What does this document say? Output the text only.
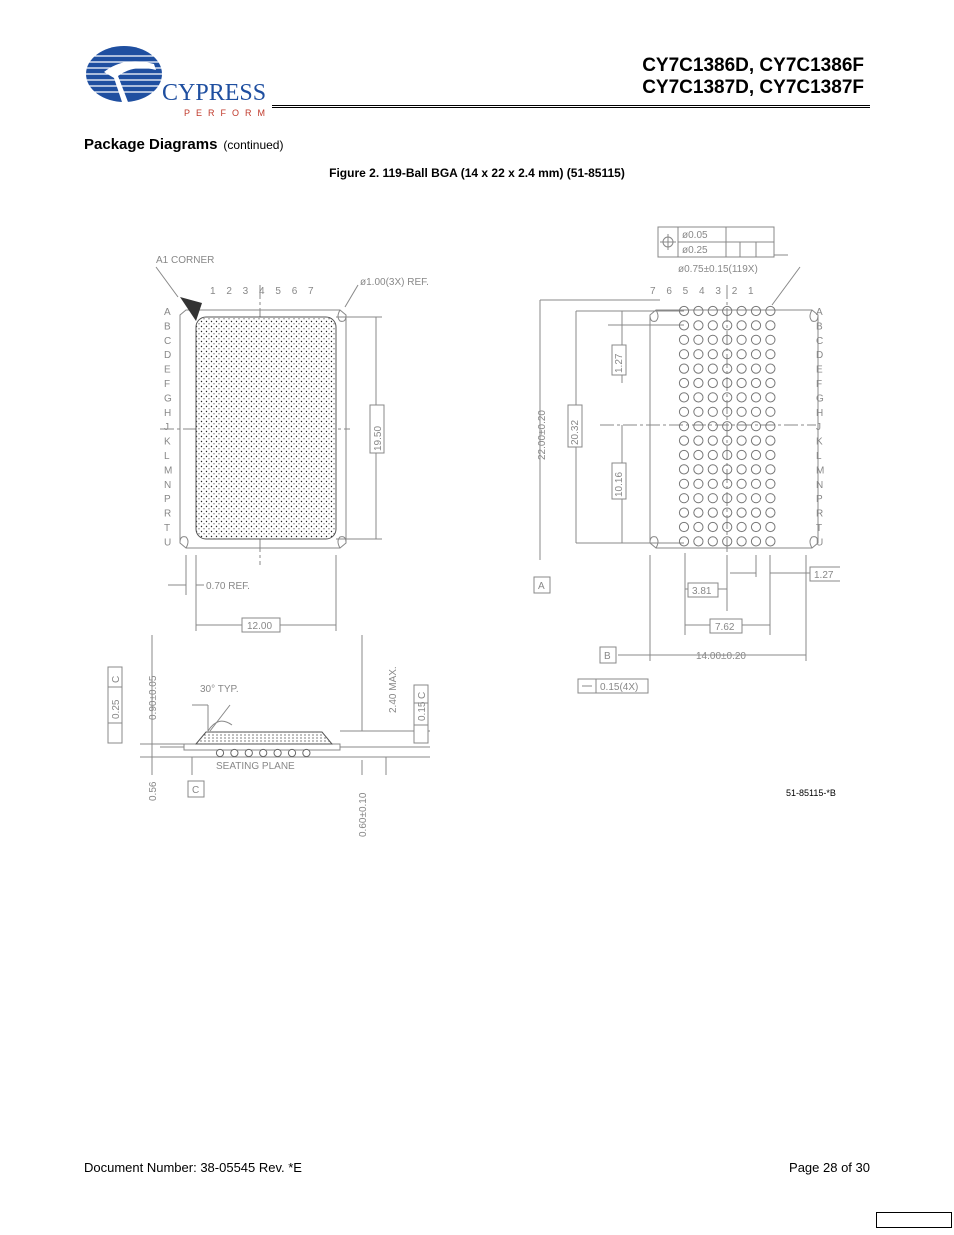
CYPRESS
PERFORM
CY7C1386D, CY7C1386F
CY7C1387D, CY7C1387F
Package Diagrams (continued)
Figure 2. 119-Ball BGA (14 x 22 x 2.4 mm) (51-85115)
A1 CORNER
1 2 3 4 5 6 7
ø1.00(3X) REF.
A
B
C
D
E
F
G
H
J
K
L
M
N
P
R
T
U
19.50
0.70 REF.
12.00
ø0.05
ø0.25
ø0.75±0.15(119X)
7 6 5 4 3 2 1
A
B
C
D
E
F
G
H
J
K
L
M
N
P
R
T
U
1.27
22.00±0.20 20.32
10.16
A	3.81
1.27
7.62
B	14.00±0.20
0.15(4X)
30° TYP.
0.90±0.05
0.25
C	2.40 MAX. 0.15
C
SEATING PLANE
0.56	C
0.60±0.10	51-85115-*B
Document Number: 38-05545 Rev. *E	Page 28 of 30
